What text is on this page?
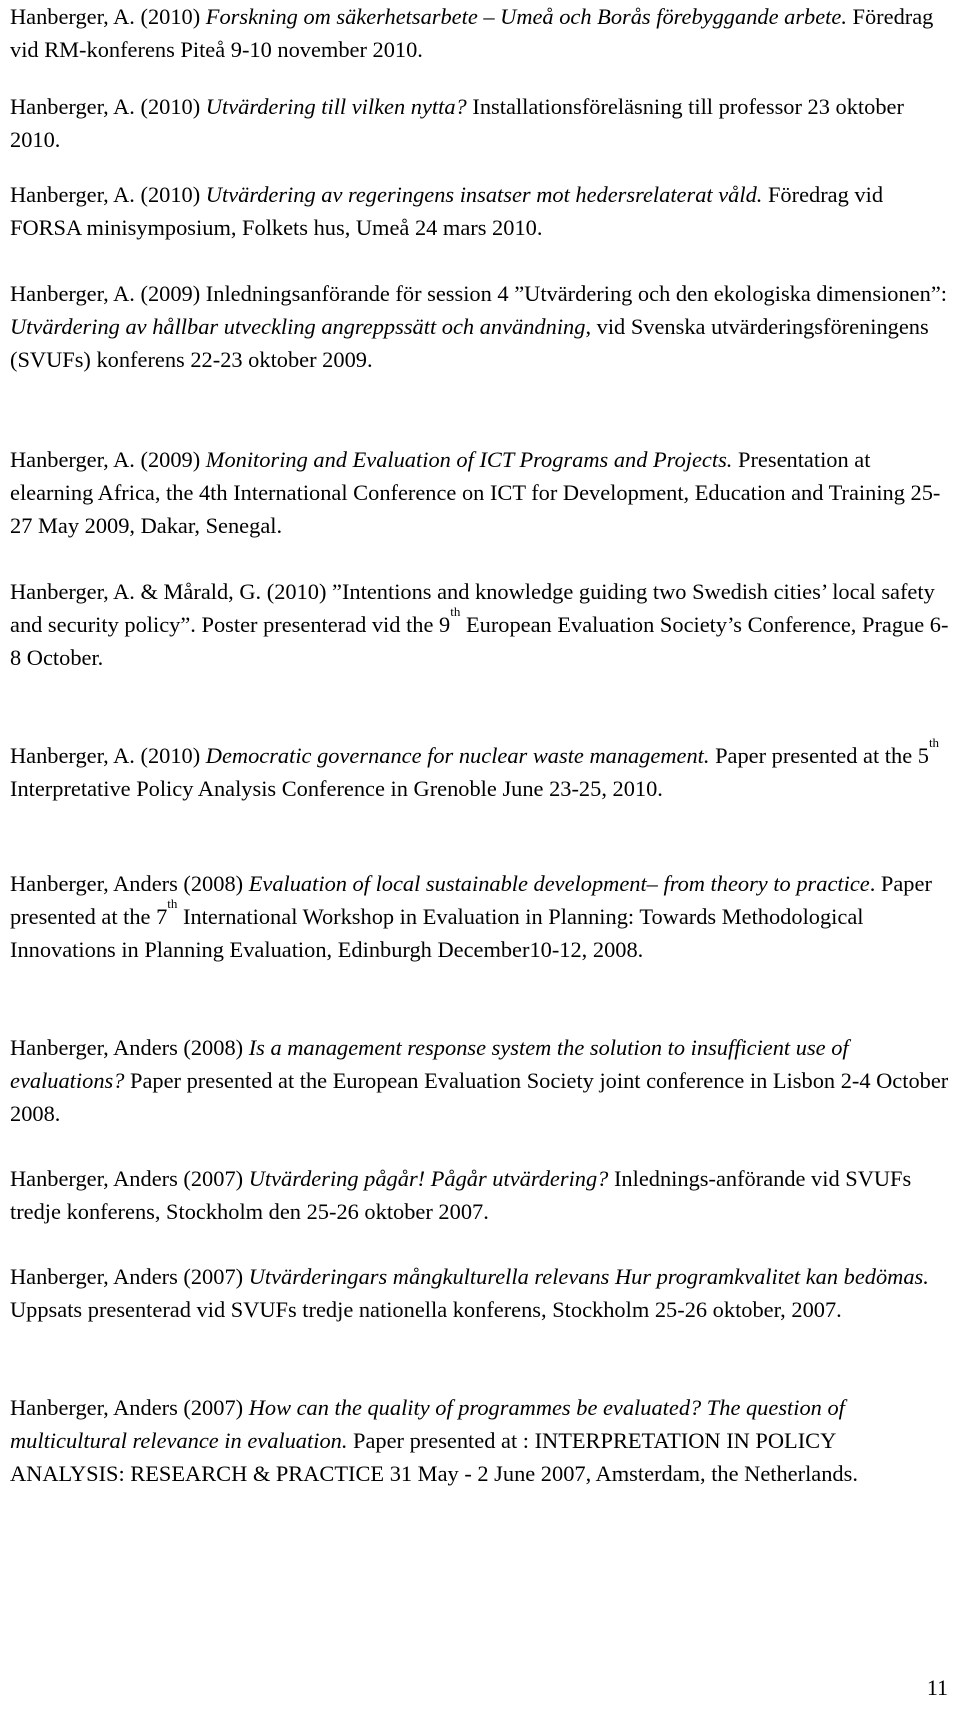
Hanberger, A. (2010) Forskning om säkerhetsarbete – Umeå och Borås förebyggande arbete. Föredrag vid RM-konferens Piteå 9-10 november 2010.

Hanberger, A. (2010) Utvärdering till vilken nytta? Installationsföreläsning till professor 23 oktober 2010.

Hanberger, A. (2010) Utvärdering av regeringens insatser mot hedersrelaterat våld. Föredrag vid FORSA minisymposium, Folkets hus, Umeå 24 mars 2010.

Hanberger, A. (2009) Inledningsanförande för session 4 ”Utvärdering och den ekologiska dimensionen”: Utvärdering av hållbar utveckling angreppssätt och användning, vid Svenska utvärderingsföreningens (SVUFs) konferens 22-23 oktober 2009.

Hanberger, A. (2009) Monitoring and Evaluation of ICT Programs and Projects. Presentation at elearning Africa, the 4th International Conference on ICT for Development, Education and Training 25-27 May 2009, Dakar, Senegal.

Hanberger, A. & Mårald, G. (2010) ”Intentions and knowledge guiding two Swedish cities’ local safety and security policy”. Poster presenterad vid the 9th European Evaluation Society’s Conference, Prague 6-8 October.

Hanberger, A. (2010) Democratic governance for nuclear waste management. Paper presented at the 5th Interpretative Policy Analysis Conference in Grenoble June 23-25, 2010.

Hanberger, Anders (2008) Evaluation of local sustainable development– from theory to practice. Paper presented at the 7th International Workshop in Evaluation in Planning: Towards Methodological Innovations in Planning Evaluation, Edinburgh December10-12, 2008.

Hanberger, Anders (2008) Is a management response system the solution to insufficient use of evaluations? Paper presented at the European Evaluation Society joint conference in Lisbon 2-4 October 2008.

Hanberger, Anders (2007) Utvärdering pågår! Pågår utvärdering? Inlednings-anförande vid SVUFs tredje konferens, Stockholm den 25-26 oktober 2007.

Hanberger, Anders (2007) Utvärderingars mångkulturella relevans Hur programkvalitet kan bedömas. Uppsats presenterad vid SVUFs tredje nationella konferens, Stockholm 25-26 oktober, 2007.

Hanberger, Anders (2007) How can the quality of programmes be evaluated? The question of multicultural relevance in evaluation. Paper presented at : INTERPRETATION IN POLICY ANALYSIS: RESEARCH & PRACTICE 31 May - 2 June 2007, Amsterdam, the Netherlands.

11
